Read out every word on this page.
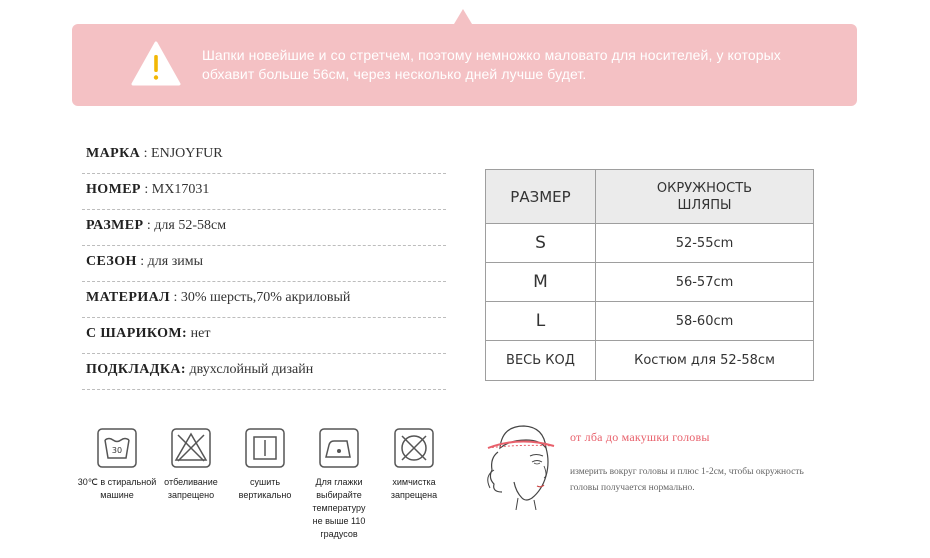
Шапки новейшие и со стретчем, поэтому немножко маловато для носителей, у которых
обхавит больше 56см, через несколько дней лучше будет.
МАРКА : ENJOYFUR
НОМЕР : MX17031
РАЗМЕР : для 52-58см
СЕЗОН : для зимы
МАТЕРИАЛ : 30% шерсть,70% акриловый
С ШАРИКОМ: нет
ПОДКЛАДКА: двухслойный дизайн
РАЗМЕР	ОКРУЖНОСТЬ
ШЛЯПЫ

S	52-55cm
M	56-57cm
L	58-60cm
ВЕСЬ КОД	Костюм для 52-58см
30
30℃ в стиральной
машине
отбеливание
запрещено
сушить
вертикально
Для глажки
выбирайте
температуру
не выше 110 градусов
химчистка
запрещена
от лба до макушки головы
измерить вокруг головы и плюс 1-2см, чтобы окружность
головы получается нормально.
